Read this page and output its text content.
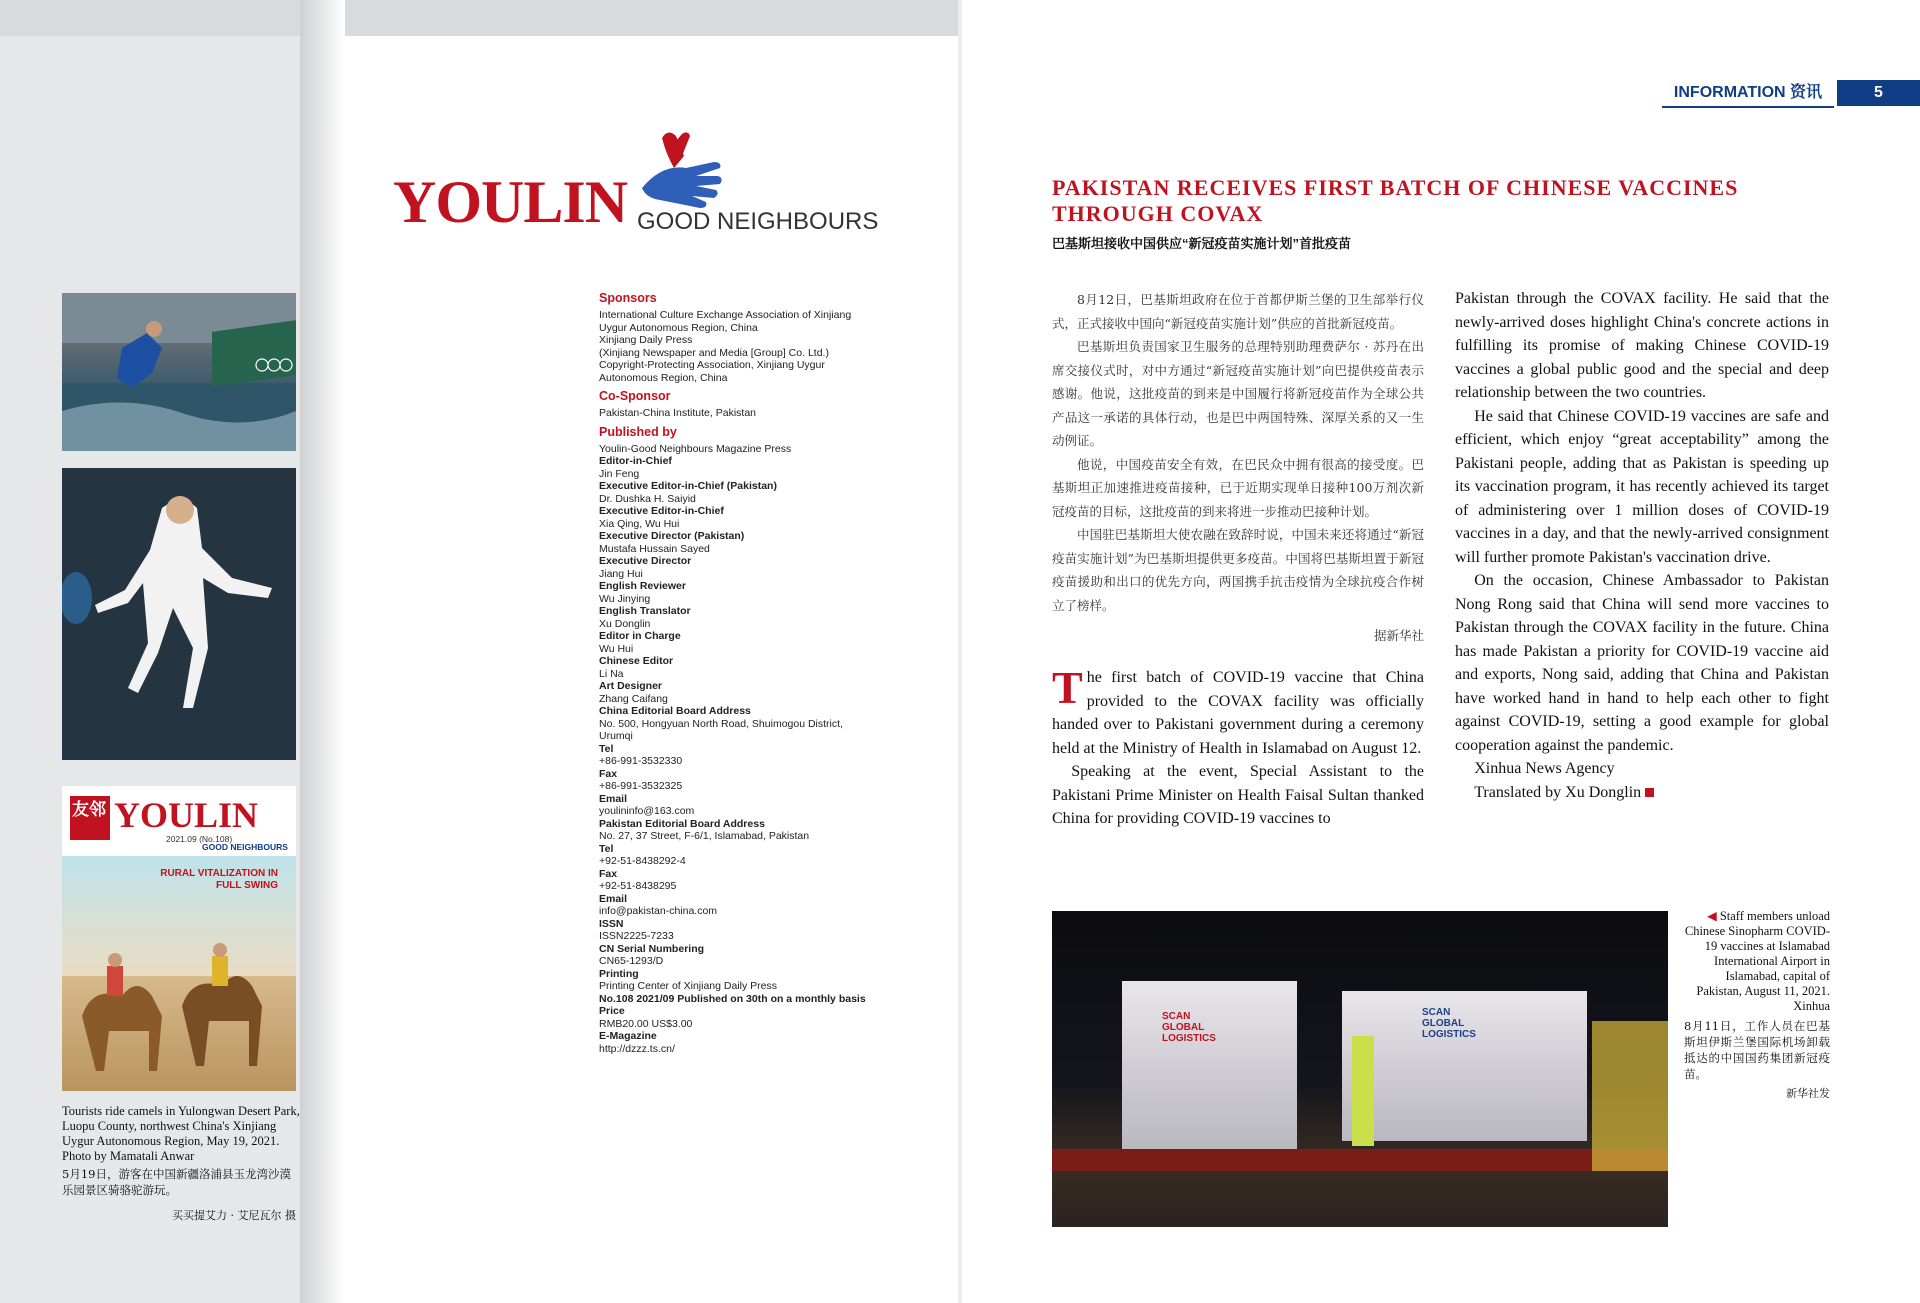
友邻 YOULIN
2021.09 (No.108)
GOOD NEIGHBOURS
RURAL VITALIZATION IN FULL SWING
Tourists ride camels in Yulongwan Desert Park, Luopu County, northwest China's Xinjiang Uygur Autonomous Region, May 19, 2021. Photo by Mamatali Anwar
5月19日，游客在中国新疆洛浦县玉龙湾沙漠乐园景区骑骆驼游玩。
买买提艾力 · 艾尼瓦尔 摄
YOULIN GOOD NEIGHBOURS
Sponsors
International Culture Exchange Association of Xinjiang
Uygur Autonomous Region, China
Xinjiang Daily Press
(Xinjiang Newspaper and Media [Group] Co. Ltd.)
Copyright-Protecting Association, Xinjiang Uygur
Autonomous Region, China
Co-Sponsor
Pakistan-China Institute, Pakistan
Published by
Youlin-Good Neighbours Magazine Press
Editor-in-Chief
Jin Feng
Executive Editor-in-Chief (Pakistan)
Dr. Dushka H. Saiyid
Executive Editor-in-Chief
Xia Qing, Wu Hui
Executive Director (Pakistan)
Mustafa Hussain Sayed
Executive Director
Jiang Hui
English Reviewer
Wu Jinying
English Translator
Xu Donglin
Editor in Charge
Wu Hui
Chinese Editor
Li Na
Art Designer
Zhang Caifang
China Editorial Board Address
No. 500, Hongyuan North Road, Shuimogou District,
Urumqi
Tel
+86-991-3532330
Fax
+86-991-3532325
Email
youlininfo@163.com
Pakistan Editorial Board Address
No. 27, 37 Street, F-6/1, Islamabad, Pakistan
Tel
+92-51-8438292-4
Fax
+92-51-8438295
Email
info@pakistan-china.com
ISSN
ISSN2225-7233
CN Serial Numbering
CN65-1293/D
Printing
Printing Center of Xinjiang Daily Press
No.108 2021/09 Published on 30th on a monthly basis
Price
RMB20.00 US$3.00
E-Magazine
http://dzzz.ts.cn/
INFORMATION 资讯	5
PAKISTAN RECEIVES FIRST BATCH OF CHINESE VACCINES
THROUGH COVAX
巴基斯坦接收中国供应“新冠疫苗实施计划”首批疫苗

8月12日，巴基斯坦政府在位于首都伊斯兰堡的卫生部举行仪式，正式接收中国向“新冠疫苗实施计划”供应的首批新冠疫苗。

巴基斯坦负责国家卫生服务的总理特别助理费萨尔 · 苏丹在出席交接仪式时，对中方通过“新冠疫苗实施计划”向巴提供疫苗表示感谢。他说，这批疫苗的到来是中国履行将新冠疫苗作为全球公共产品这一承诺的具体行动，也是巴中两国特殊、深厚关系的又一生动例证。

他说，中国疫苗安全有效，在巴民众中拥有很高的接受度。巴基斯坦正加速推进疫苗接种，已于近期实现单日接种100万剂次新冠疫苗的目标，这批疫苗的到来将进一步推动巴接种计划。

中国驻巴基斯坦大使农融在致辞时说，中国未来还将通过“新冠疫苗实施计划”为巴基斯坦提供更多疫苗。中国将巴基斯坦置于新冠疫苗援助和出口的优先方向，两国携手抗击疫情为全球抗疫合作树立了榜样。

据新华社

The first batch of COVID-19 vaccine that China provided to the COVAX facility was officially handed over to Pakistani government during a ceremony held at the Ministry of Health in Islamabad on August 12.

Speaking at the event, Special Assistant to the Pakistani Prime Minister on Health Faisal Sultan thanked China for providing COVID-19 vaccines to

Pakistan through the COVAX facility. He said that the newly-arrived doses highlight China's concrete actions in fulfilling its promise of making Chinese COVID-19 vaccines a global public good and the special and deep relationship between the two countries.

He said that Chinese COVID-19 vaccines are safe and efficient, which enjoy “great acceptability” among the Pakistani people, adding that as Pakistan is speeding up its vaccination program, it has recently achieved its target of administering over 1 million doses of COVID-19 vaccines in a day, and that the newly-arrived consignment will further promote Pakistan's vaccination drive.

On the occasion, Chinese Ambassador to Pakistan Nong Rong said that China will send more vaccines to Pakistan through the COVAX facility in the future. China has made Pakistan a priority for COVID-19 vaccine aid and exports, Nong said, adding that China and Pakistan have worked hand in hand to help each other to fight against COVID-19, setting a good example for global cooperation against the pandemic.

Xinhua News Agency

Translated by Xu Donglin

SCAN GLOBAL LOGISTICS
SCAN GLOBAL LOGISTICS
◀ Staff members unload Chinese Sinopharm COVID-19 vaccines at Islamabad International Airport in Islamabad, capital of Pakistan, August 11, 2021. Xinhua
8月11日，工作人员在巴基斯坦伊斯兰堡国际机场卸载抵达的中国国药集团新冠疫苗。
新华社发
